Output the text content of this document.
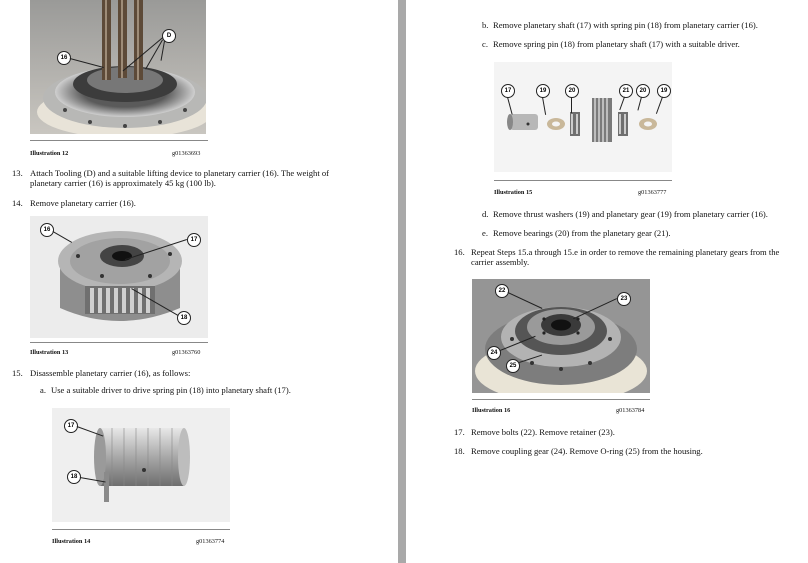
16
D
Illustration 12	g01363693
13. Attach Tooling (D) and a suitable lifting device to planetary carrier (16). The weight of planetary carrier (16) is approximately 45 kg (100 lb).
14. Remove planetary carrier (16).
16
17
18
Illustration 13	g01363760
15. Disassemble planetary carrier (16), as follows:
a. Use a suitable driver to drive spring pin (18) into planetary shaft (17).
17
18
Illustration 14	g01363774
b. Remove planetary shaft (17) with spring pin (18) from planetary carrier (16).
c. Remove spring pin (18) from planetary shaft (17) with a suitable driver.
17	19	20	21	20	19
Illustration 15	g01363777
d. Remove thrust washers (19) and planetary gear (19) from planetary carrier (16).
e. Remove bearings (20) from the planetary gear (21).
16. Repeat Steps 15.a through 15.e in order to remove the remaining planetary gears from the carrier assembly.
22
23
24
25
Illustration 16	g01363784
17. Remove bolts (22). Remove retainer (23).
18. Remove coupling gear (24). Remove O-ring (25) from the housing.
